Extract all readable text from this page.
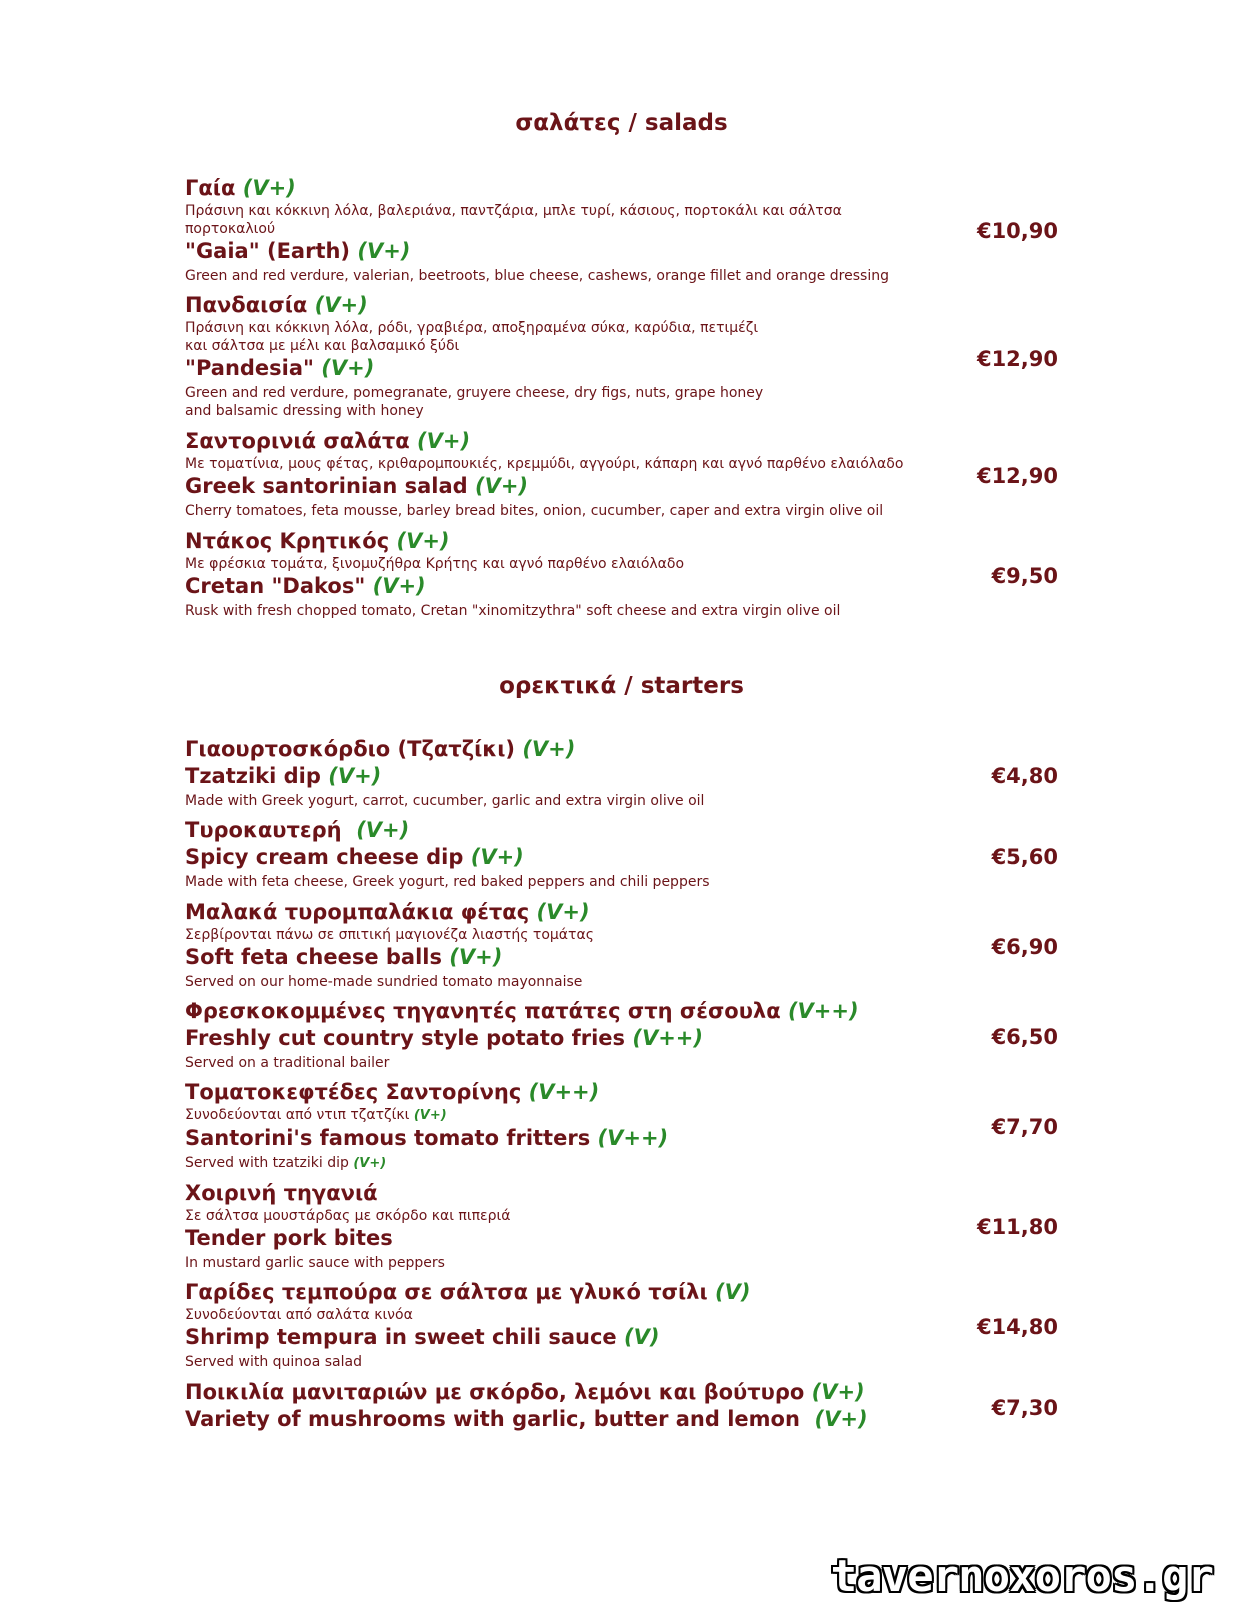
σαλάτες / salads
Γαία (V+)
Πράσινη και κόκκινη λόλα, βαλεριάνα, παντζάρια, μπλε τυρί, κάσιους, πορτοκάλι και σάλτσα πορτοκαλιού
"Gaia" (Earth) (V+)
Green and red verdure, valerian, beetroots, blue cheese, cashews, orange fillet and orange dressing
€10,90
Πανδαισία (V+)
Πράσινη και κόκκινη λόλα, ρόδι, γραβιέρα, αποξηραμένα σύκα, καρύδια, πετιμέζι
και σάλτσα με μέλι και βαλσαμικό ξύδι
"Pandesia" (V+)
Green and red verdure, pomegranate, gruyere cheese, dry figs, nuts, grape honey
and balsamic dressing with honey
€12,90
Σαντορινιά σαλάτα (V+)
Με τοματίνια, μους φέτας, κριθαρομπουκιές, κρεμμύδι, αγγούρι, κάπαρη και αγνό παρθένο ελαιόλαδο
Greek santorinian salad (V+)
Cherry tomatoes, feta mousse, barley bread bites, onion, cucumber, caper and extra virgin olive oil
€12,90
Ντάκος Κρητικός (V+)
Με φρέσκια τομάτα, ξινομυζήθρα Κρήτης και αγνό παρθένο ελαιόλαδο
Cretan "Dakos" (V+)
Rusk with fresh chopped tomato, Cretan "xinomitzythra" soft cheese and extra virgin olive oil
€9,50
ορεκτικά / starters
Γιαουρτοσκόρδιο (Τζατζίκι) (V+)
Tzatziki dip (V+)
Made with Greek yogurt, carrot, cucumber, garlic and extra virgin olive oil
€4,80
Τυροκαυτερή  (V+)
Spicy cream cheese dip (V+)
Made with feta cheese, Greek yogurt, red baked peppers and chili peppers
€5,60
Μαλακά τυρομπαλάκια φέτας (V+)
Σερβίρονται πάνω σε σπιτική μαγιονέζα λιαστής τομάτας
Soft feta cheese balls (V+)
Served on our home-made sundried tomato mayonnaise
€6,90
Φρεσκοκομμένες τηγανητές πατάτες στη σέσουλα (V++)
Freshly cut country style potato fries (V++)
Served on a traditional bailer
€6,50
Τοματοκεφτέδες Σαντορίνης (V++)
Συνοδεύονται από ντιπ τζατζίκι (V+)
Santorini's famous tomato fritters (V++)
Served with tzatziki dip (V+)
€7,70
Χοιρινή τηγανιά
Σε σάλτσα μουστάρδας με σκόρδο και πιπεριά
Tender pork bites
In mustard garlic sauce with peppers
€11,80
Γαρίδες τεμπούρα σε σάλτσα με γλυκό τσίλι (V)
Συνοδεύονται από σαλάτα κινόα
Shrimp tempura in sweet chili sauce (V)
Served with quinoa salad
€14,80
Ποικιλία μανιταριών με σκόρδο, λεμόνι και βούτυρο (V+)
Variety of mushrooms with garlic, butter and lemon  (V+)	€7,30
tavernoxoros.gr
